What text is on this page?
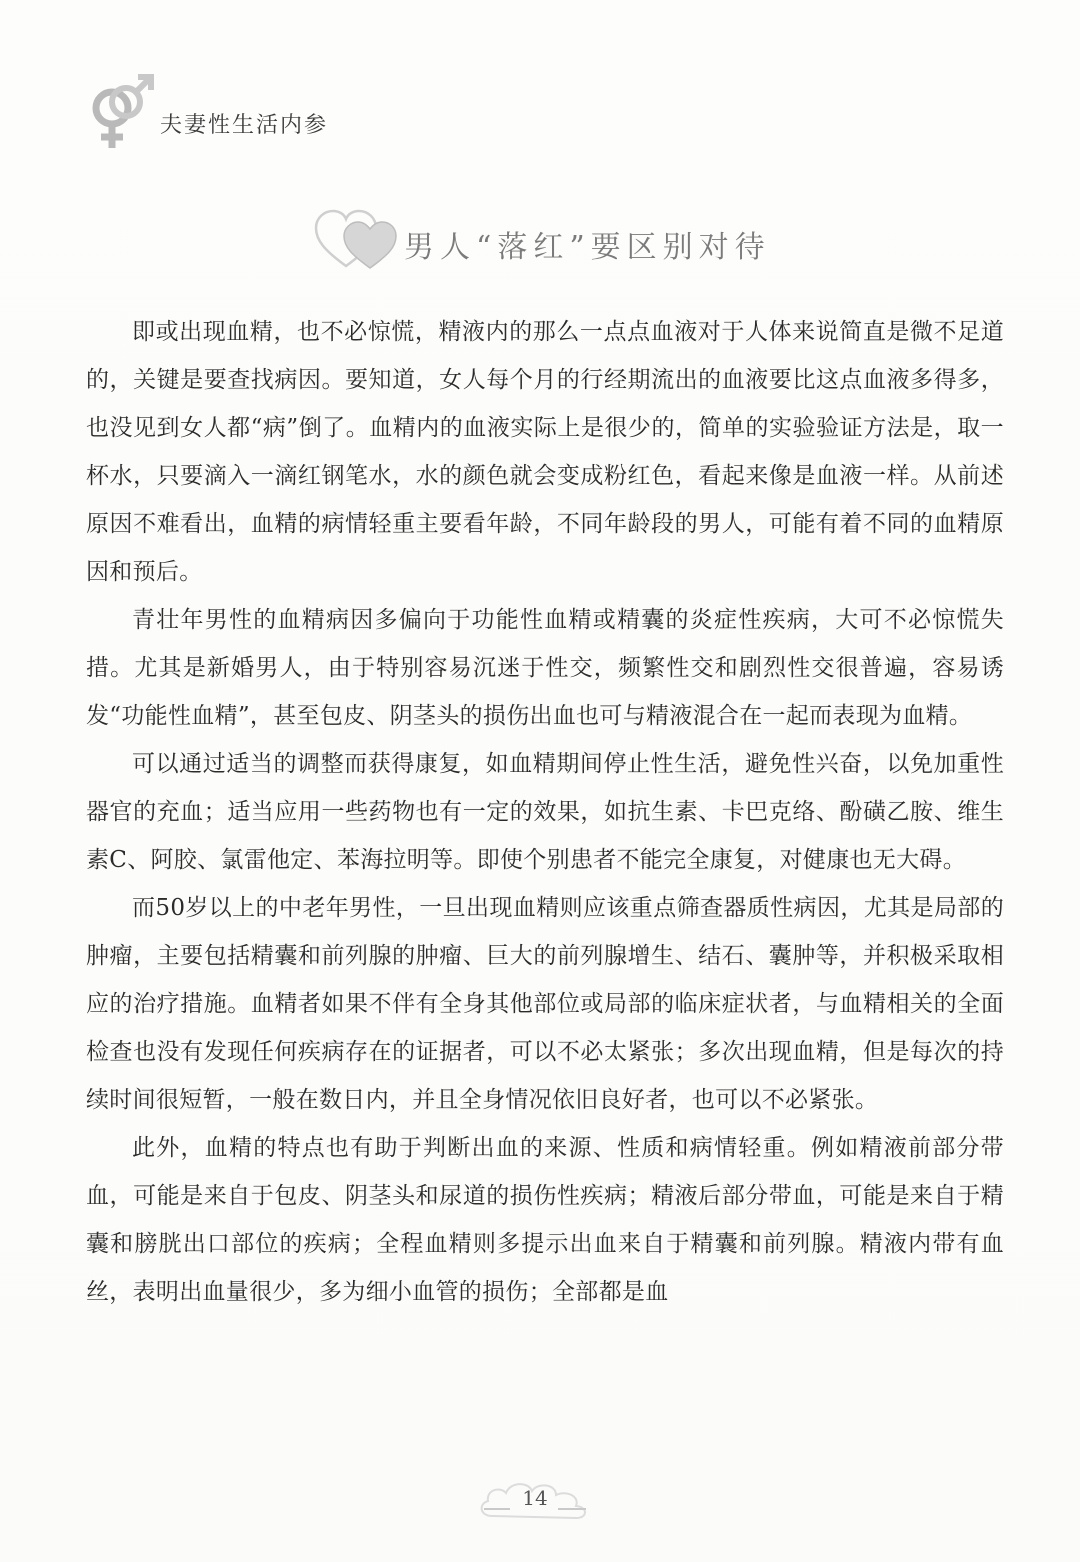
夫妻性生活内参
男人“落红”要区别对待

即或出现血精，也不必惊慌，精液内的那么一点点血液对于人体来说简直是微不足道的，关键是要查找病因。要知道，女人每个月的行经期流出的血液要比这点血液多得多，也没见到女人都“病”倒了。血精内的血液实际上是很少的，简单的实验验证方法是，取一杯水，只要滴入一滴红钢笔水，水的颜色就会变成粉红色，看起来像是血液一样。从前述原因不难看出，血精的病情轻重主要看年龄，不同年龄段的男人，可能有着不同的血精原因和预后。

青壮年男性的血精病因多偏向于功能性血精或精囊的炎症性疾病，大可不必惊慌失措。尤其是新婚男人，由于特别容易沉迷于性交，频繁性交和剧烈性交很普遍，容易诱发“功能性血精”，甚至包皮、阴茎头的损伤出血也可与精液混合在一起而表现为血精。

可以通过适当的调整而获得康复，如血精期间停止性生活，避免性兴奋，以免加重性器官的充血；适当应用一些药物也有一定的效果，如抗生素、卡巴克络、酚磺乙胺、维生素C、阿胶、氯雷他定、苯海拉明等。即使个别患者不能完全康复，对健康也无大碍。

而50岁以上的中老年男性，一旦出现血精则应该重点筛查器质性病因，尤其是局部的肿瘤，主要包括精囊和前列腺的肿瘤、巨大的前列腺增生、结石、囊肿等，并积极采取相应的治疗措施。血精者如果不伴有全身其他部位或局部的临床症状者，与血精相关的全面检查也没有发现任何疾病存在的证据者，可以不必太紧张；多次出现血精，但是每次的持续时间很短暂，一般在数日内，并且全身情况依旧良好者，也可以不必紧张。

此外，血精的特点也有助于判断出血的来源、性质和病情轻重。例如精液前部分带血，可能是来自于包皮、阴茎头和尿道的损伤性疾病；精液后部分带血，可能是来自于精囊和膀胱出口部位的疾病；全程血精则多提示出血来自于精囊和前列腺。精液内带有血丝，表明出血量很少，多为细小血管的损伤；全部都是血

14
